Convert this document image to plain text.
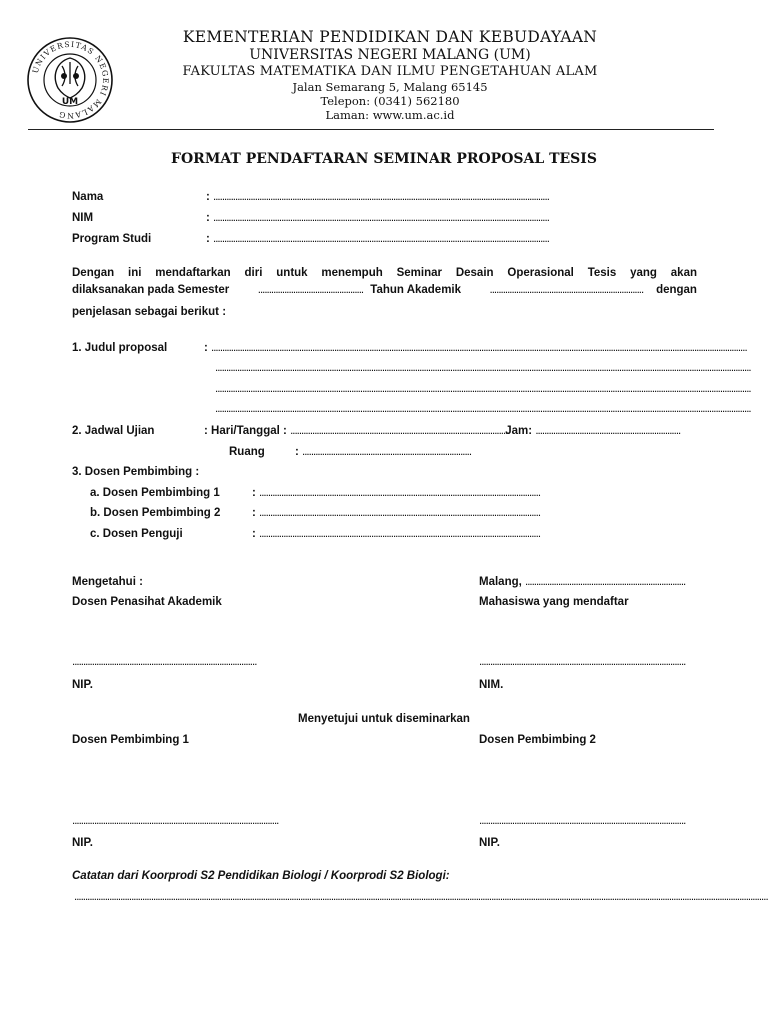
UNIVERSITAS NEGERI MALANG
UM
KEMENTERIAN PENDIDIKAN DAN KEBUDAYAAN
UNIVERSITAS NEGERI MALANG (UM)
FAKULTAS MATEMATIKA DAN ILMU PENGETAHUAN ALAM
Jalan Semarang 5, Malang 65145
Telepon: (0341) 562180
Laman: www.um.ac.id
FORMAT PENDAFTARAN SEMINAR PROPOSAL TESIS
Nama	: .........................................................................................................................................................
NIM	: .........................................................................................................................................................
Program Studi	: .........................................................................................................................................................
Dengan ini mendaftarkan diri untuk menempuh Seminar Desain Operasional Tesis yang akan
dilaksanakan pada Semester ................................................ Tahun Akademik ...................................................................... dengan
penjelasan sebagai berikut :
1. Judul proposal	: ....................................................................................................................................................................................................................................................
....................................................................................................................................................................................................................................................
....................................................................................................................................................................................................................................................
....................................................................................................................................................................................................................................................
2. Jadwal Ujian	: Hari/Tanggal : .................................................................................................... Jam: ..................................................................
Ruang	: .............................................................................
3. Dosen Pembimbing :
a. Dosen Pembimbing 1	: ................................................................................................................................
b. Dosen Pembimbing 2	: ................................................................................................................................
c. Dosen Penguji	: ................................................................................................................................
Mengetahui :
Dosen Penasihat Akademik
Malang, .........................................................................
Mahasiswa yang mendaftar
....................................................................................	..............................................................................................
NIP.	NIM.
Menyetujui untuk diseminarkan
Dosen Pembimbing 1	Dosen Pembimbing 2
..............................................................................................	..............................................................................................
NIP.	NIP.
Catatan dari Koorprodi S2 Pendidikan Biologi / Koorprodi S2 Biologi:
............................................................................................................................................................................................................................................................................................................................
